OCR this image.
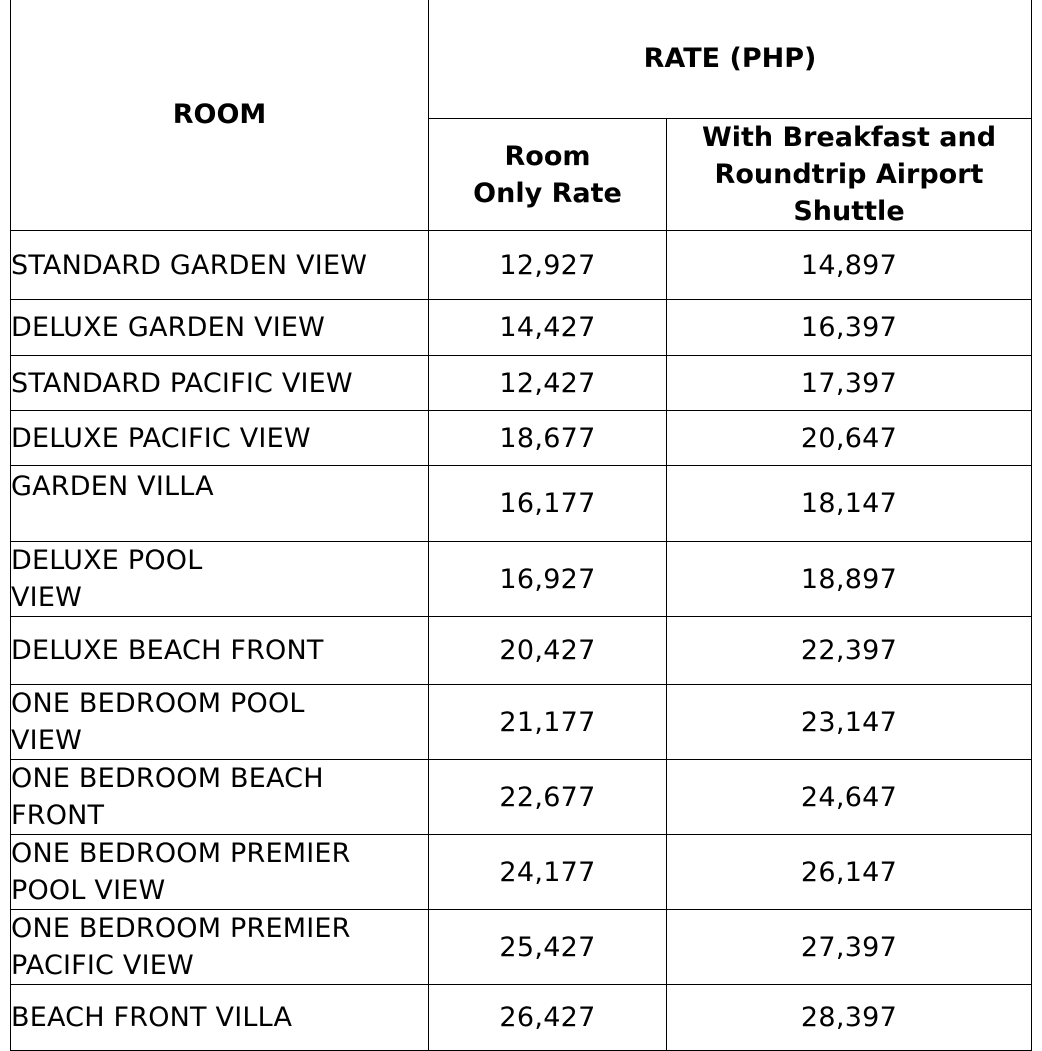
ROOM	RATE (PHP)	
	Room Only Rate	With Breakfast and Roundtrip Airport Shuttle
STANDARD GARDEN VIEW	12,927	14,897
DELUXE GARDEN VIEW	14,427	16,397
STANDARD PACIFIC VIEW	12,427	17,397
DELUXE PACIFIC VIEW	18,677	20,647
GARDEN VILLA	16,177	18,147
DELUXE POOL VIEW	16,927	18,897
DELUXE BEACH FRONT	20,427	22,397
ONE BEDROOM POOL VIEW	21,177	23,147
ONE BEDROOM BEACH FRONT	22,677	24,647
ONE BEDROOM PREMIER POOL VIEW	24,177	26,147
ONE BEDROOM PREMIER PACIFIC VIEW	25,427	27,397
BEACH FRONT VILLA	26,427	28,397
